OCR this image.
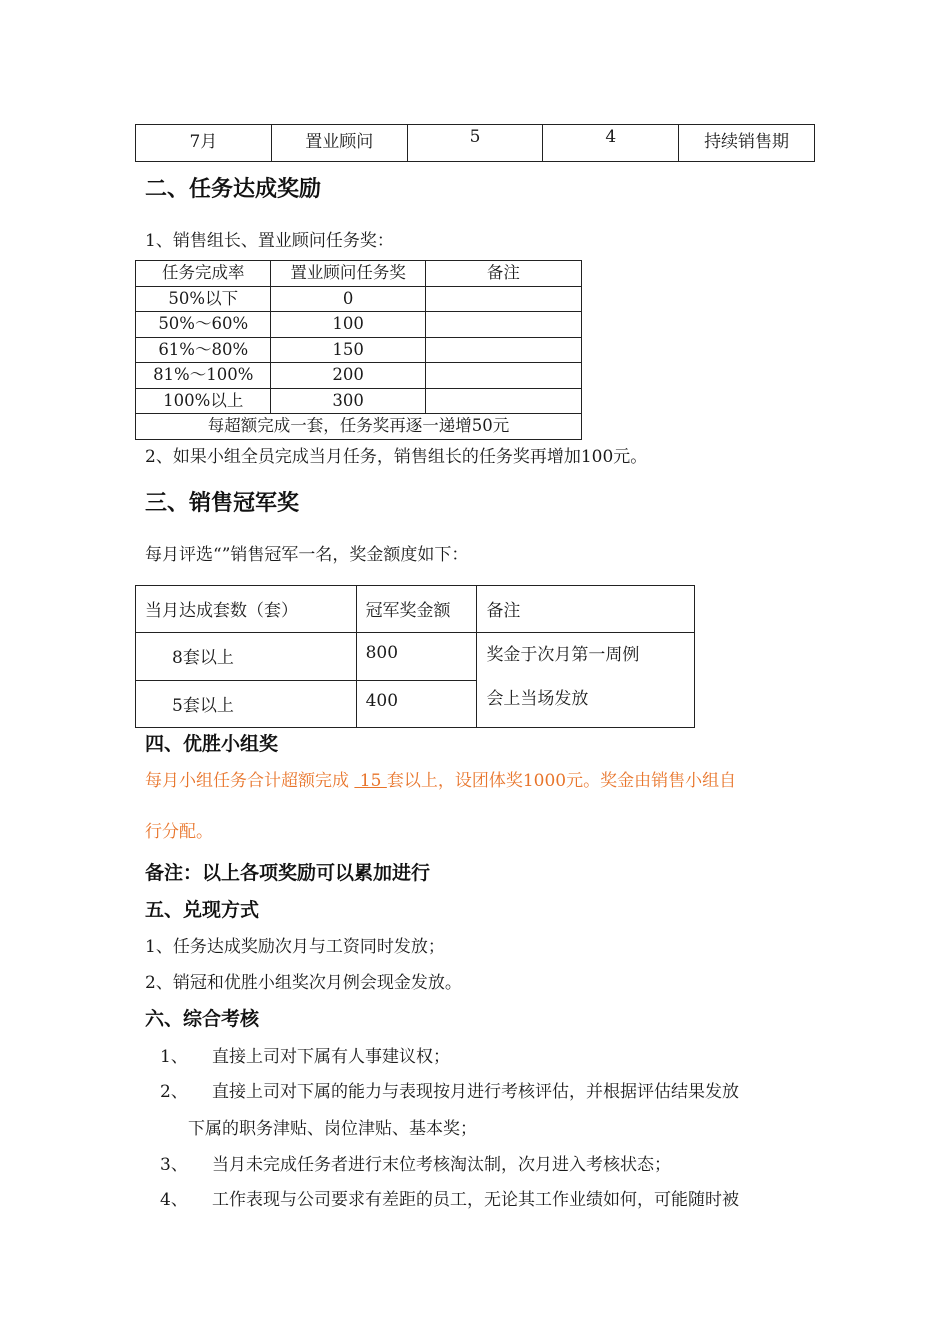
7月	置业顾问	5	4	持续销售期
二、任务达成奖励
1、销售组长、置业顾问任务奖：
任务完成率	置业顾问任务奖	备注
50%以下	0	
50%～60%	100	
61%～80%	150	
81%～100%	200	
100%以上	300	
每超额完成一套，任务奖再逐一递增50元		
2、如果小组全员完成当月任务，销售组长的任务奖再增加100元。
三、销售冠军奖
每月评选“”销售冠军一名，奖金额度如下：
当月达成套数（套）	冠军奖金额	备注
8套以上	800	奖金于次月第一周例
会上当场发放

5套以上	400	
四、优胜小组奖
每月小组任务合计超额完成  15 套以上，设团体奖1000元。奖金由销售小组自
行分配。
备注：以上各项奖励可以累加进行
五、兑现方式
1、任务达成奖励次月与工资同时发放；
2、销冠和优胜小组奖次月例会现金发放。
六、综合考核
1、 直接上司对下属有人事建议权；
2、 直接上司对下属的能力与表现按月进行考核评估，并根据评估结果发放
下属的职务津贴、岗位津贴、基本奖；
3、 当月未完成任务者进行末位考核淘汰制，次月进入考核状态；
4、 工作表现与公司要求有差距的员工，无论其工作业绩如何，可能随时被
